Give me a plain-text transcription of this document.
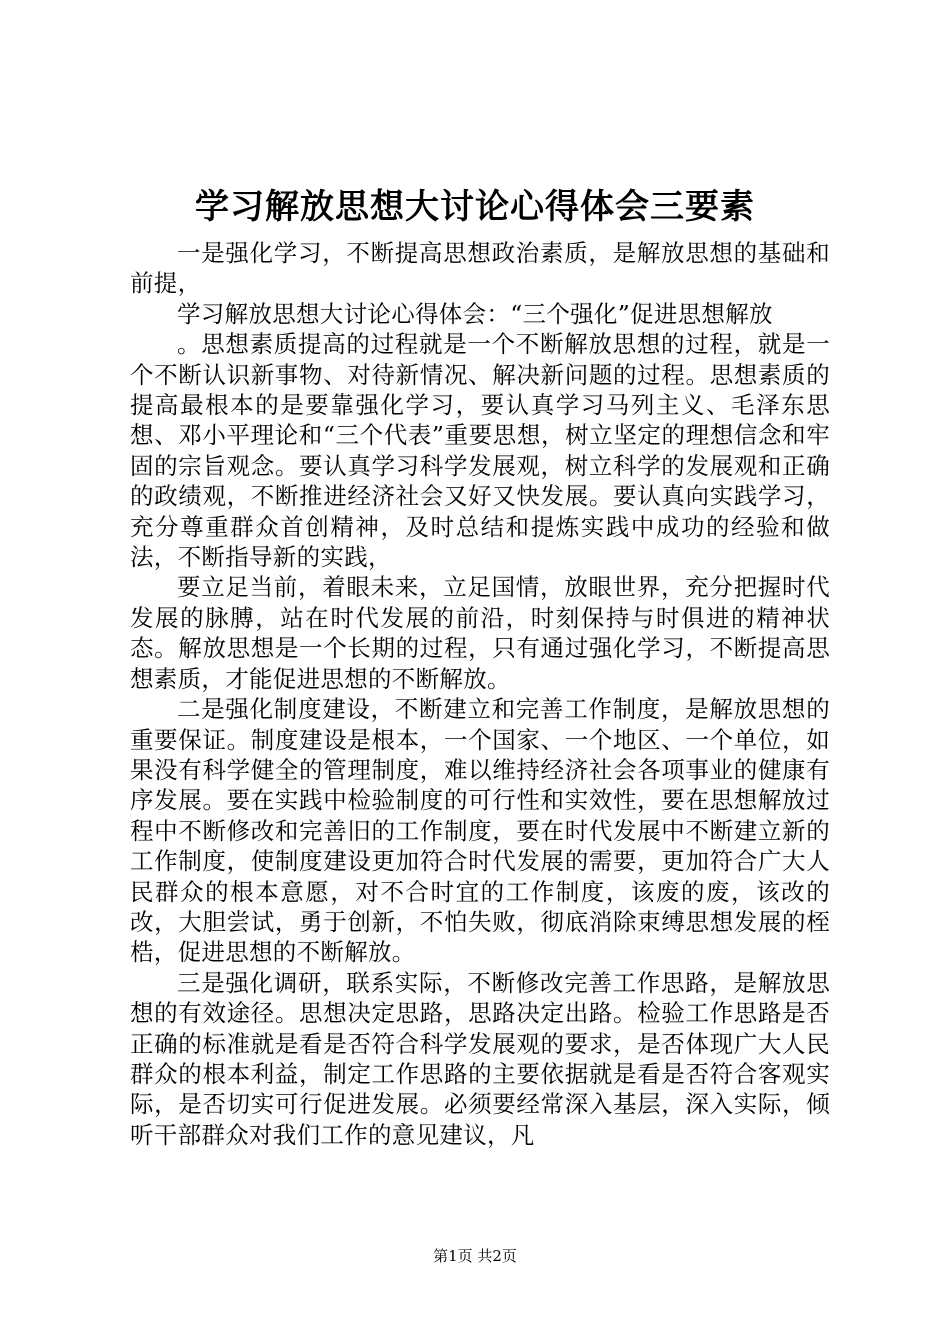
学习解放思想大讨论心得体会三要素

一是强化学习，不断提高思想政治素质，是解放思想的基础和前提，

学习解放思想大讨论心得体会：“三个强化”促进思想解放

。思想素质提高的过程就是一个不断解放思想的过程，就是一个不断认识新事物、对待新情况、解决新问题的过程。思想素质的提高最根本的是要靠强化学习，要认真学习马列主义、毛泽东思想、邓小平理论和“三个代表”重要思想，树立坚定的理想信念和牢固的宗旨观念。要认真学习科学发展观，树立科学的发展观和正确的政绩观，不断推进经济社会又好又快发展。要认真向实践学习，充分尊重群众首创精神，及时总结和提炼实践中成功的经验和做法，不断指导新的实践，

要立足当前，着眼未来，立足国情，放眼世界，充分把握时代发展的脉膊，站在时代发展的前沿，时刻保持与时俱进的精神状态。解放思想是一个长期的过程，只有通过强化学习，不断提高思想素质，才能促进思想的不断解放。

二是强化制度建设，不断建立和完善工作制度，是解放思想的重要保证。制度建设是根本，一个国家、一个地区、一个单位，如果没有科学健全的管理制度，难以维持经济社会各项事业的健康有序发展。要在实践中检验制度的可行性和实效性，要在思想解放过程中不断修改和完善旧的工作制度，要在时代发展中不断建立新的工作制度，使制度建设更加符合时代发展的需要，更加符合广大人民群众的根本意愿，对不合时宜的工作制度，该废的废，该改的改，大胆尝试，勇于创新，不怕失败，彻底消除束缚思想发展的桎梏，促进思想的不断解放。

三是强化调研，联系实际，不断修改完善工作思路，是解放思想的有效途径。思想决定思路，思路决定出路。检验工作思路是否正确的标准就是看是否符合科学发展观的要求，是否体现广大人民群众的根本利益，制定工作思路的主要依据就是看是否符合客观实际，是否切实可行促进发展。必须要经常深入基层，深入实际，倾听干部群众对我们工作的意见建议，凡

第1页 共2页
